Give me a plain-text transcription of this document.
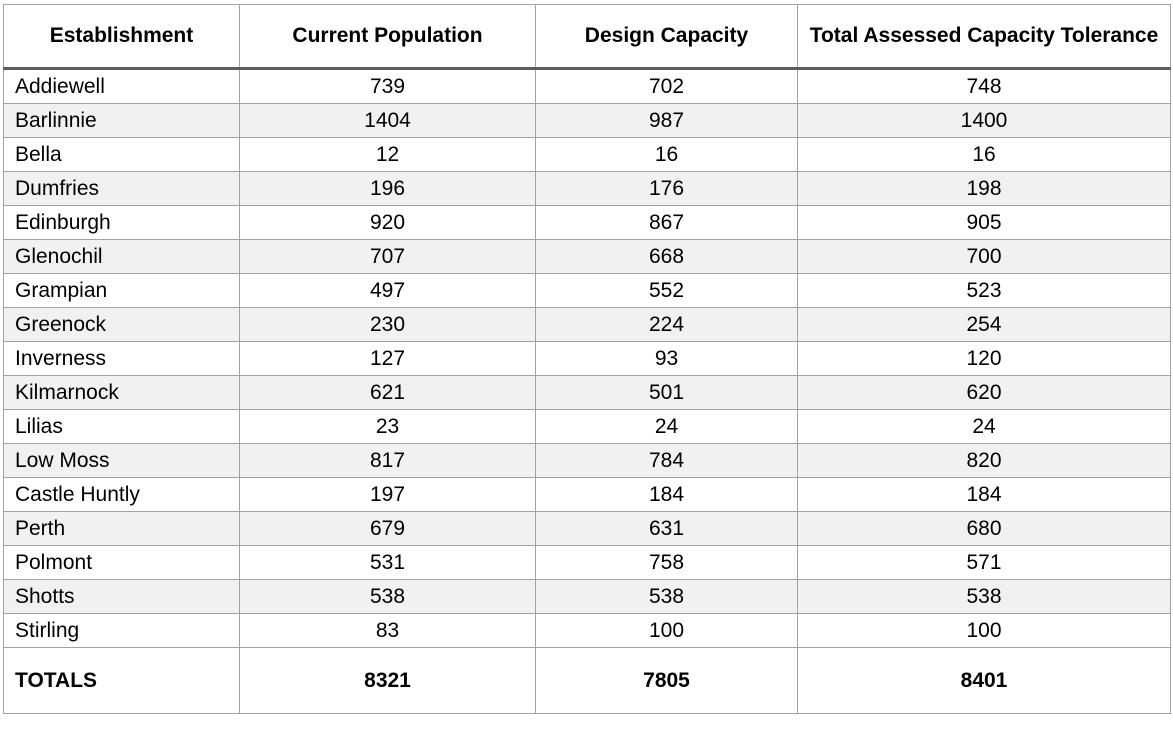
Establishment	Current Population	Design Capacity	Total Assessed Capacity Tolerance
Addiewell	739	702	748
Barlinnie	1404	987	1400
Bella	12	16	16
Dumfries	196	176	198
Edinburgh	920	867	905
Glenochil	707	668	700
Grampian	497	552	523
Greenock	230	224	254
Inverness	127	93	120
Kilmarnock	621	501	620
Lilias	23	24	24
Low Moss	817	784	820
Castle Huntly	197	184	184
Perth	679	631	680
Polmont	531	758	571
Shotts	538	538	538
Stirling	83	100	100
TOTALS	8321	7805	8401
